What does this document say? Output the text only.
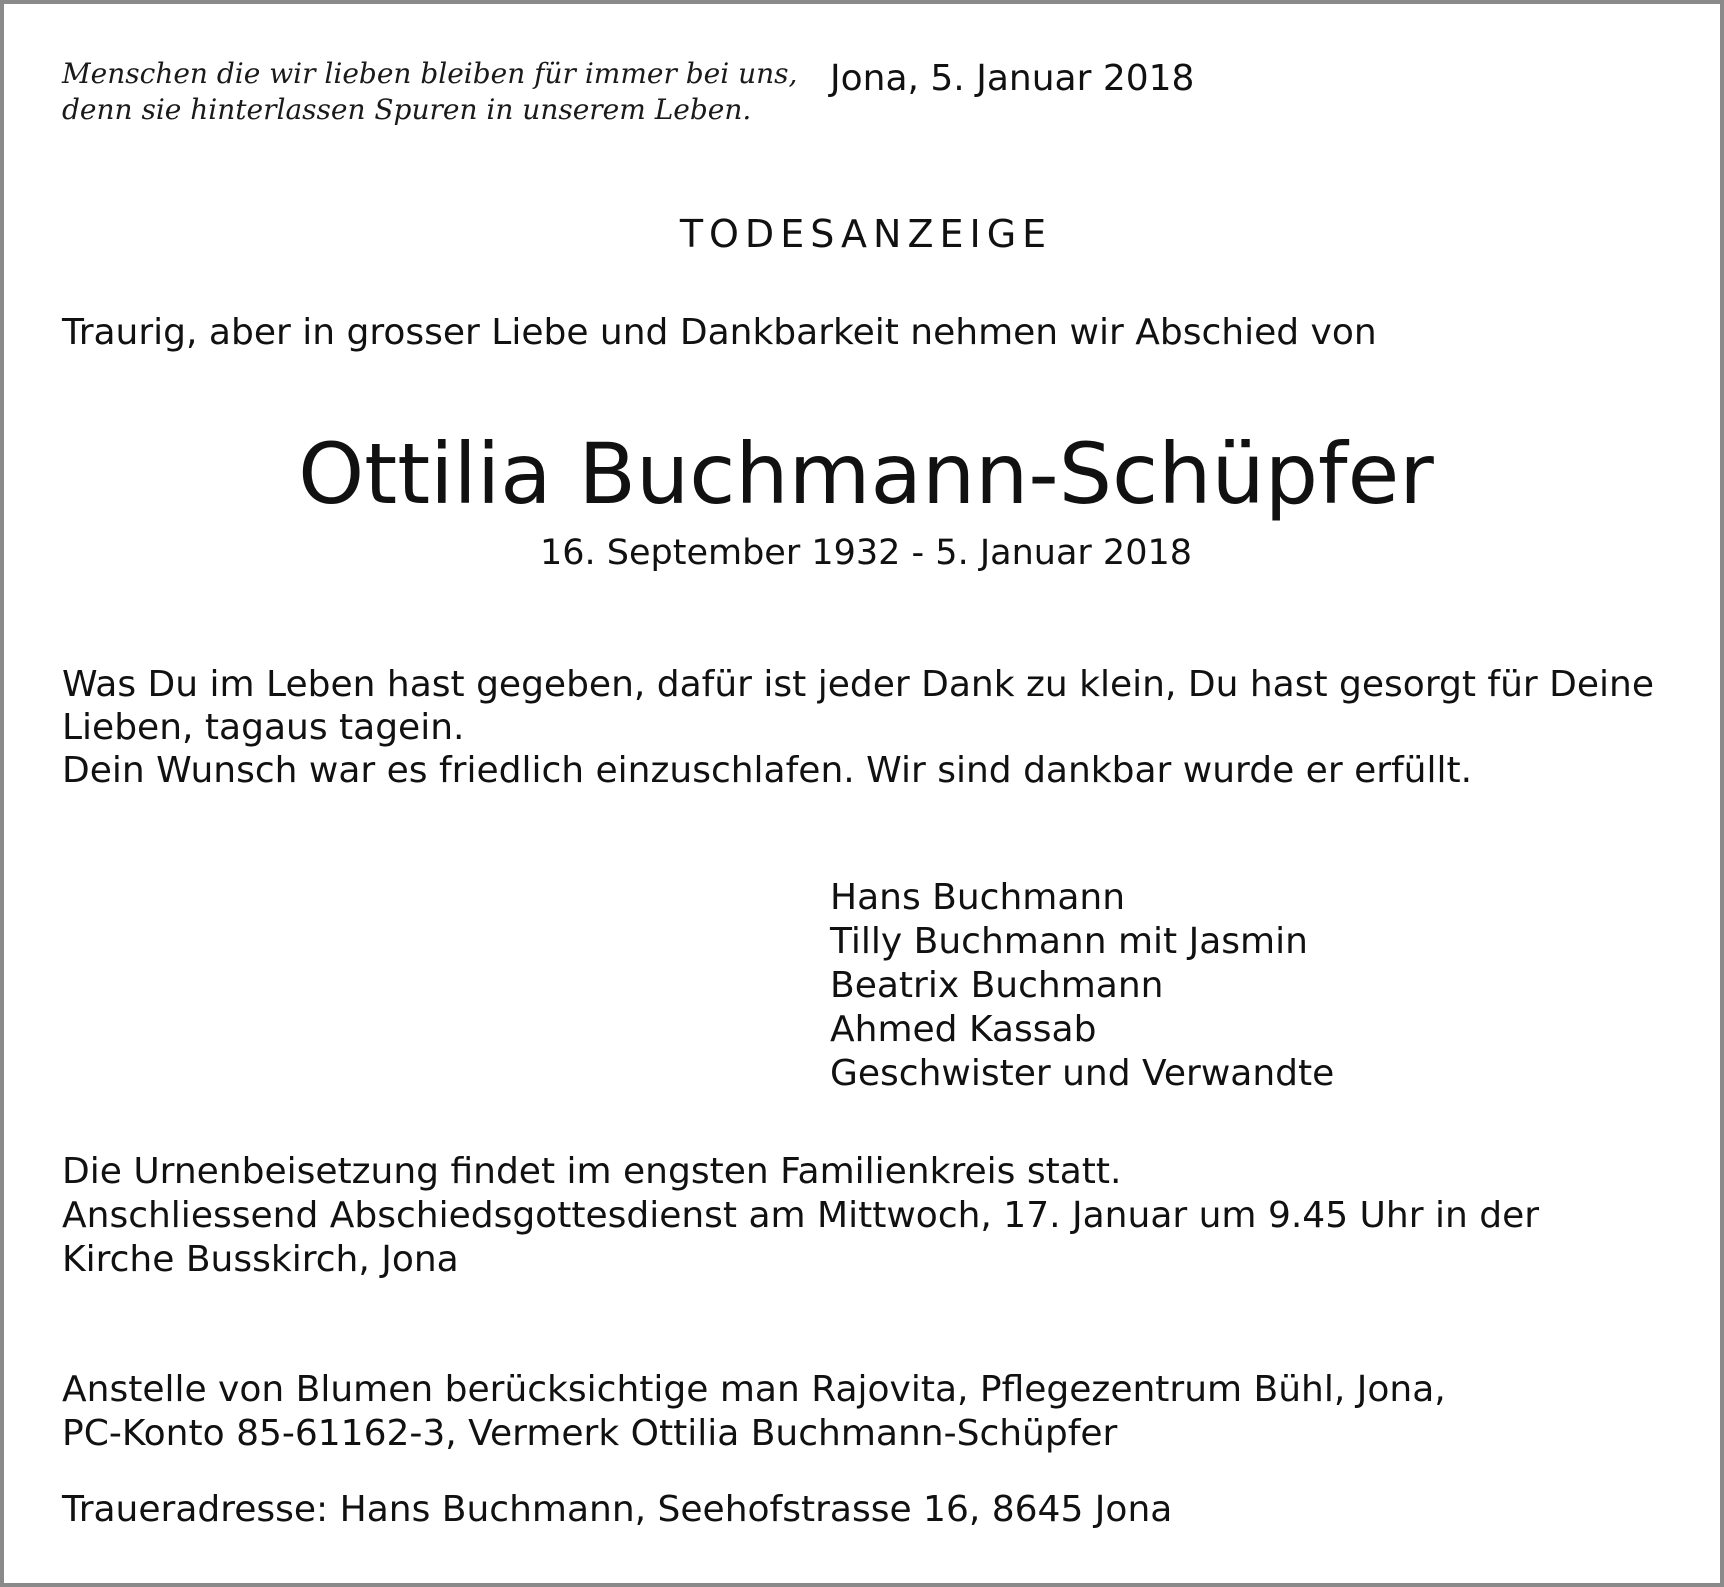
Menschen die wir lieben bleiben für immer bei uns,
denn sie hinterlassen Spuren in unserem Leben.
Jona, 5. Januar 2018
TODESANZEIGE
Traurig, aber in grosser Liebe und Dankbarkeit nehmen wir Abschied von
Ottilia Buchmann-Schüpfer
16. September 1932 - 5. Januar 2018
Was Du im Leben hast gegeben, dafür ist jeder Dank zu klein, Du hast gesorgt für Deine
Lieben, tagaus tagein.
Dein Wunsch war es friedlich einzuschlafen. Wir sind dankbar wurde er erfüllt.
Hans Buchmann
Tilly Buchmann mit Jasmin
Beatrix Buchmann
Ahmed Kassab
Geschwister und Verwandte
Die Urnenbeisetzung findet im engsten Familienkreis statt.
Anschliessend Abschiedsgottesdienst am Mittwoch, 17. Januar um 9.45 Uhr in der
Kirche Busskirch, Jona
Anstelle von Blumen berücksichtige man Rajovita, Pflegezentrum Bühl, Jona,
PC-Konto 85-61162-3, Vermerk Ottilia Buchmann-Schüpfer
Traueradresse: Hans Buchmann, Seehofstrasse 16, 8645 Jona
